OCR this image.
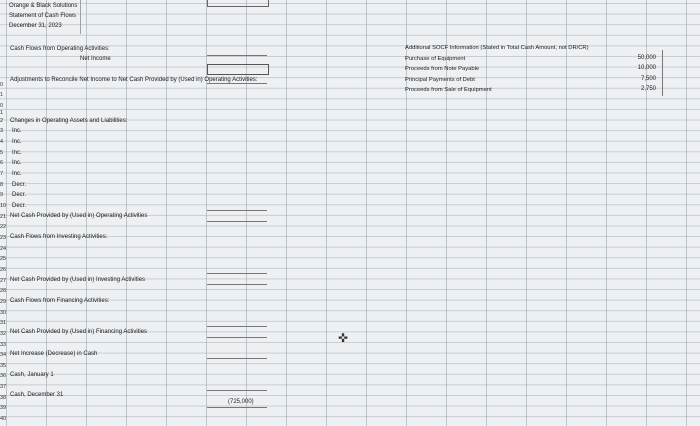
Orange & Black Solutions
Statement of Cash Flows
December 31, 2023
0
1
0
1
2
3
4
5
6
7
8
9
10
21
22
23
24
25
26
27
28
29
30
31
32
33
34
35
36
37
38
39
40
Cash Flows from Operating Activities:
Net Income
Adjustments to Reconcile Net Income to Net Cash Provided by (Used in) Operating Activities:
Changes in Operating Assets and Liabilities:
Inc.
Inc.
Inc.
Inc.
Inc.
Decr.
Decr.
Decr.
Net Cash Provided by (Used in) Operating Activities
Cash Flows from Investing Activities:
Net Cash Provided by (Used in) Investing Activities
Cash Flows from Financing Activities:
Net Cash Provided by (Used in) Financing Activities
Net Increase (Decrease) in Cash
Cash, January 1
Cash, December 31
(725,000)
✜
Additional SOCF Information (Stated in Total Cash Amount, not DR/CR)
Purchase of Equipment
Proceeds from Note Payable
Principal Payments of Debt
Proceeds from Sale of Equipment
50,000
10,000
7,500
2,750
